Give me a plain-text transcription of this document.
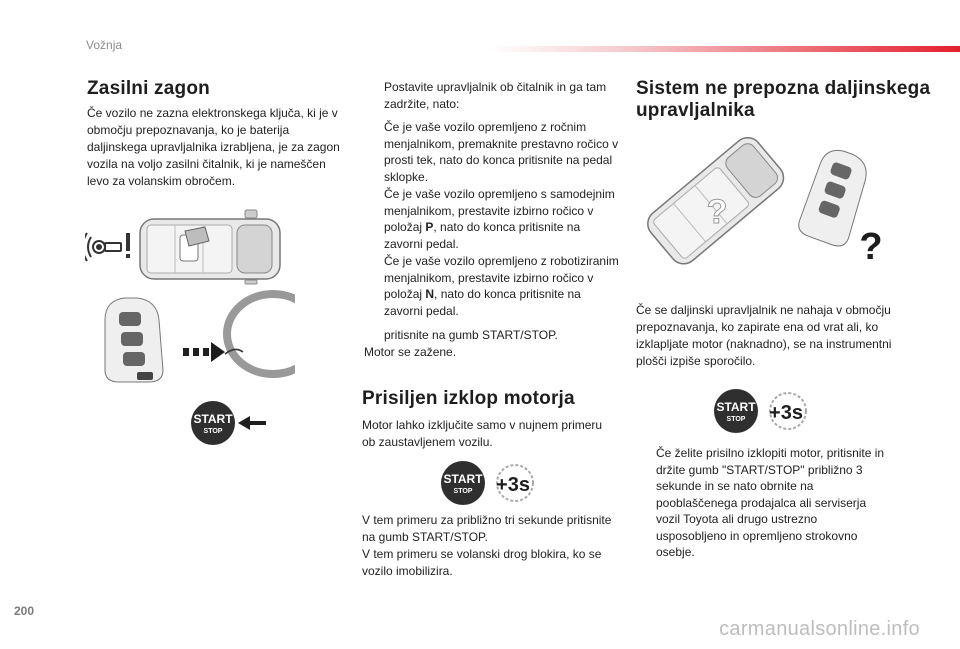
Vožnja
Zasilni zagon
Če vozilo ne zazna elektronskega ključa, ki je v območju prepoznavanja, ko je baterija daljinskega upravljalnika izrabljena, je za zagon vozila na voljo zasilni čitalnik, ki je nameščen levo za volanskim obročem.
START
STOP
Postavite upravljalnik ob čitalnik in ga tam zadržite, nato:
Če je vaše vozilo opremljeno z ročnim menjalnikom, premaknite prestavno ročico v prosti tek, nato do konca pritisnite na pedal sklopke.
Če je vaše vozilo opremljeno s samodejnim menjalnikom, prestavite izbirno ročico v položaj P, nato do konca pritisnite na zavorni pedal.
Če je vaše vozilo opremljeno z robotiziranim menjalnikom, prestavite izbirno ročico v položaj N, nato do konca pritisnite na zavorni pedal.
pritisnite na gumb START/STOP.
Motor se zažene.
Prisiljen izklop motorja
Motor lahko izključite samo v nujnem primeru ob zaustavljenem vozilu.
START
STOP +3s
V tem primeru za približno tri sekunde pritisnite na gumb START/STOP.
V tem primeru se volanski drog blokira, ko se vozilo imobilizira.
Sistem ne prepozna daljinskega upravljalnika
?
?
Če se daljinski upravljalnik ne nahaja v območju prepoznavanja, ko zapirate ena od vrat ali, ko izklapljate motor (naknadno), se na instrumentni plošči izpiše sporočilo.
START
STOP +3s
Če želite prisilno izklopiti motor, pritisnite in držite gumb "START/STOP" približno 3 sekunde in se nato obrnite na pooblaščenega prodajalca ali serviserja vozil Toyota ali drugo ustrezno usposobljeno in opremljeno strokovno osebje.
200
carmanualsonline.info
